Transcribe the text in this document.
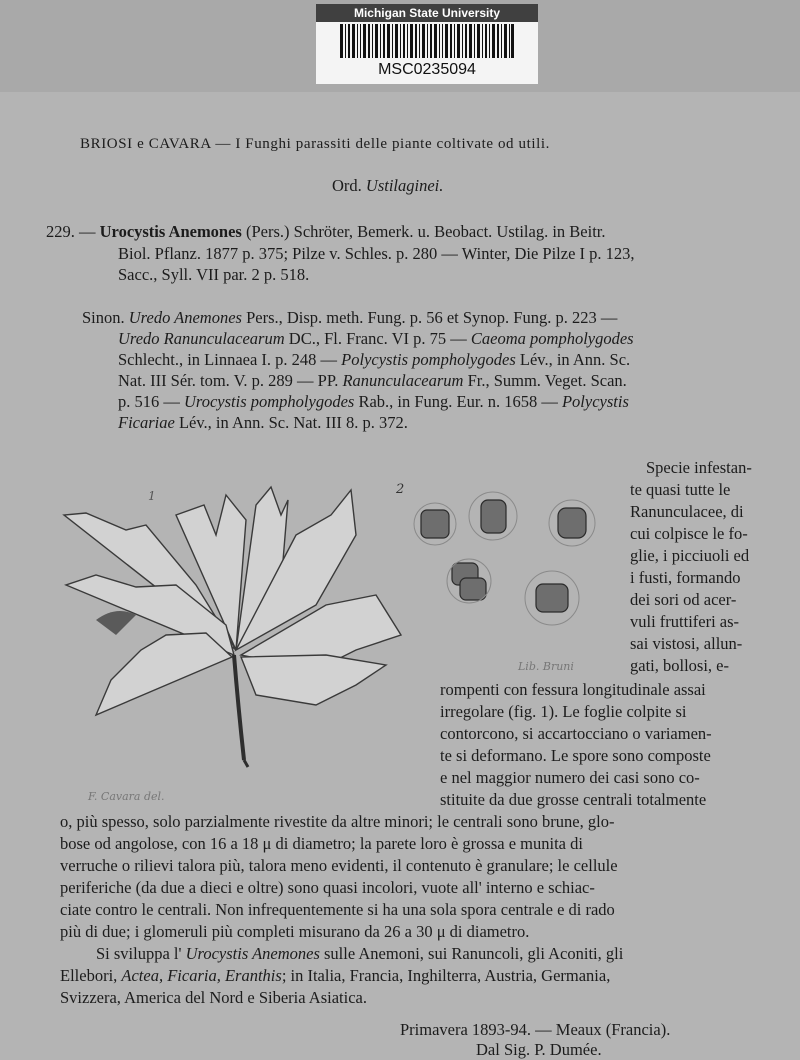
Michigan State University
MSC0235094
BRIOSI e CAVARA — I Funghi parassiti delle piante coltivate od utili.
Ord. Ustilaginei.
229. — Urocystis Anemones (Pers.) Schröter, Bemerk. u. Beobact. Ustilag. in Beitr.
Biol. Pflanz. 1877 p. 375; Pilze v. Schles. p. 280 — Winter, Die Pilze I p. 123,
Sacc., Syll. VII par. 2 p. 518.
Sinon. Uredo Anemones Pers., Disp. meth. Fung. p. 56 et Synop. Fung. p. 223 —
Uredo Ranunculacearum DC., Fl. Franc. VI p. 75 — Caeoma pompholygodes
Schlecht., in Linnaea I. p. 248 — Polycystis pompholygodes Lév., in Ann. Sc.
Nat. III Sér. tom. V. p. 289 — PP. Ranunculacearum Fr., Summ. Veget. Scan.
p. 516 — Urocystis pompholygodes Rab., in Fung. Eur. n. 1658 — Polycystis
Ficariae Lév., in Ann. Sc. Nat. III 8. p. 372.
1	2
F. Cavara del.
Lib. Bruni
Specie infestan-
te quasi tutte le
Ranunculacee, di
cui colpisce le fo-
glie, i picciuoli ed
i fusti, formando
dei sori od acer-
vuli fruttiferi as-
sai vistosi, allun-
gati, bollosi, e-
rompenti con fessura longitudinale assai
irregolare (fig. 1). Le foglie colpite si
contorcono, si accartocciano o variamen-
te si deformano. Le spore sono composte
e nel maggior numero dei casi sono co-
stituite da due grosse centrali totalmente
o, più spesso, solo parzialmente rivestite da altre minori; le centrali sono brune, glo-
bose od angolose, con 16 a 18 μ di diametro; la parete loro è grossa e munita di
verruche o rilievi talora più, talora meno evidenti, il contenuto è granulare; le cellule
periferiche (da due a dieci e oltre) sono quasi incolori, vuote all' interno e schiac-
ciate contro le centrali. Non infrequentemente si ha una sola spora centrale e di rado
più di due; i glomeruli più completi misurano da 26 a 30 μ di diametro.
Si sviluppa l' Urocystis Anemones sulle Anemoni, sui Ranuncoli, gli Aconiti, gli
Ellebori, Actea, Ficaria, Eranthis; in Italia, Francia, Inghilterra, Austria, Germania,
Svizzera, America del Nord e Siberia Asiatica.
Primavera 1893-94. — Meaux (Francia).
Dal Sig. P. Dumée.
